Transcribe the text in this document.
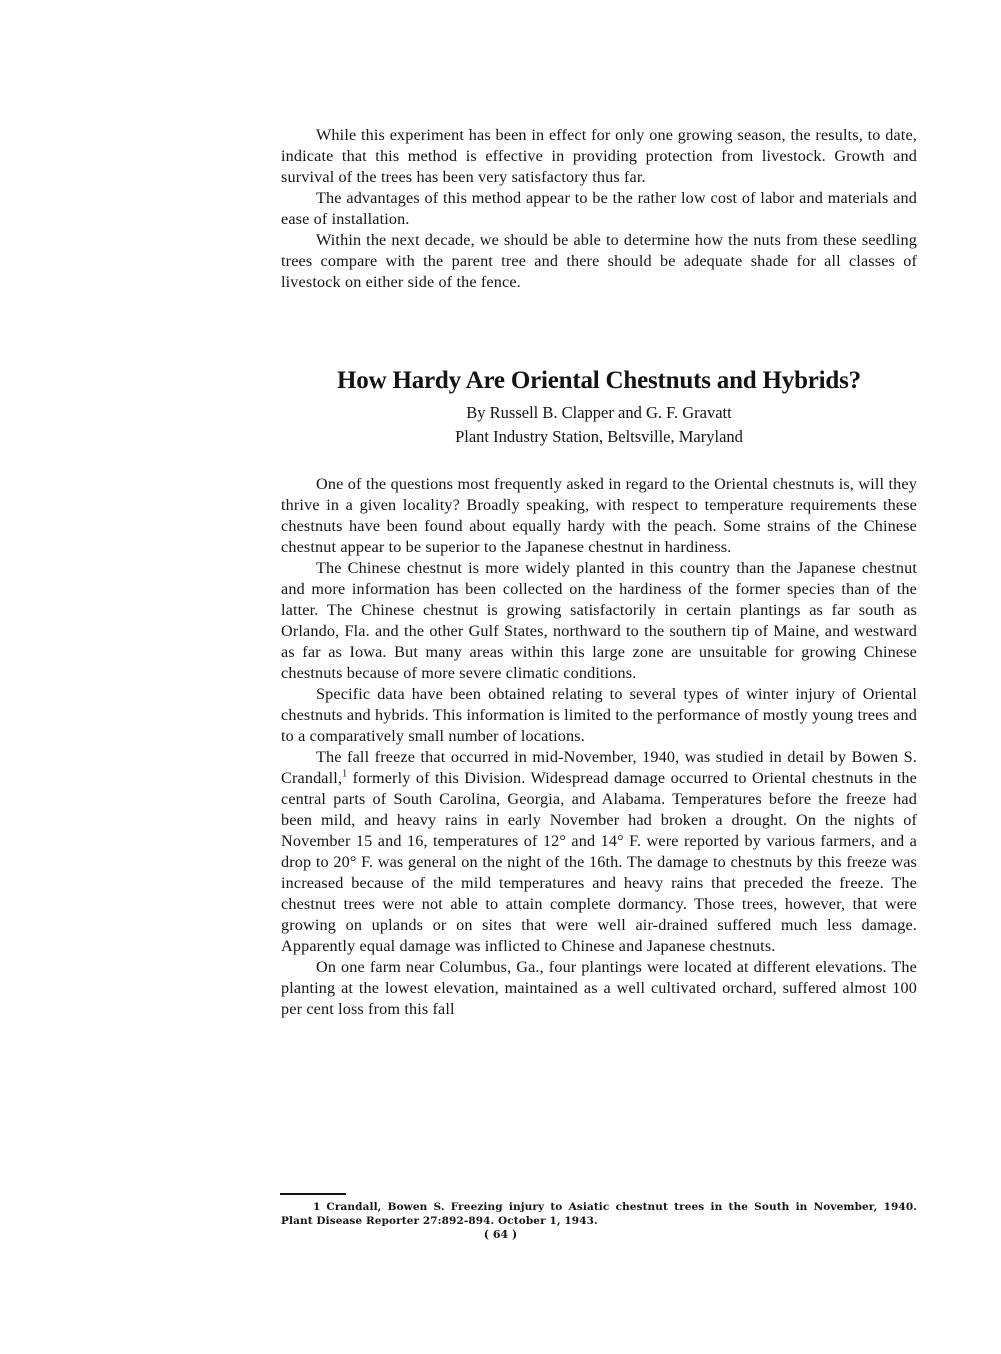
While this experiment has been in effect for only one growing season, the results, to date, indicate that this method is effective in providing protection from livestock. Growth and survival of the trees has been very satisfactory thus far.

The advantages of this method appear to be the rather low cost of labor and materials and ease of installation.

Within the next decade, we should be able to determine how the nuts from these seedling trees compare with the parent tree and there should be adequate shade for all classes of livestock on either side of the fence.

How Hardy Are Oriental Chestnuts and Hybrids?

By Russell B. Clapper and G. F. Gravatt

Plant Industry Station, Beltsville, Maryland

One of the questions most frequently asked in regard to the Oriental chestnuts is, will they thrive in a given locality? Broadly speaking, with respect to temperature requirements these chestnuts have been found about equally hardy with the peach. Some strains of the Chinese chestnut appear to be superior to the Japanese chestnut in hardiness.

The Chinese chestnut is more widely planted in this country than the Japanese chestnut and more information has been collected on the hardiness of the former species than of the latter. The Chinese chestnut is growing satisfactorily in certain plantings as far south as Orlando, Fla. and the other Gulf States, northward to the southern tip of Maine, and westward as far as Iowa. But many areas within this large zone are unsuitable for growing Chinese chestnuts because of more severe climatic conditions.

Specific data have been obtained relating to several types of winter injury of Oriental chestnuts and hybrids. This information is limited to the performance of mostly young trees and to a comparatively small number of locations.

The fall freeze that occurred in mid-November, 1940, was studied in detail by Bowen S. Crandall,$^1$ formerly of this Division. Widespread damage occurred to Oriental chestnuts in the central parts of South Carolina, Georgia, and Alabama. Temperatures before the freeze had been mild, and heavy rains in early November had broken a drought. On the nights of November 15 and 16, temperatures of 12° and 14° F. were reported by various farmers, and a drop to 20° F. was general on the night of the 16th. The damage to chestnuts by this freeze was increased because of the mild temperatures and heavy rains that preceded the freeze. The chestnut trees were not able to attain complete dormancy. Those trees, however, that were growing on uplands or on sites that were well air-drained suffered much less damage. Apparently equal damage was inflicted to Chinese and Japanese chestnuts.

On one farm near Columbus, Ga., four plantings were located at different elevations. The planting at the lowest elevation, maintained as a well cultivated orchard, suffered almost 100 per cent loss from this fall

1 Crandall, Bowen S. Freezing injury to Asiatic chestnut trees in the South in November, 1940. Plant Disease Reporter 27:892-894. October 1, 1943.
( 64 )
